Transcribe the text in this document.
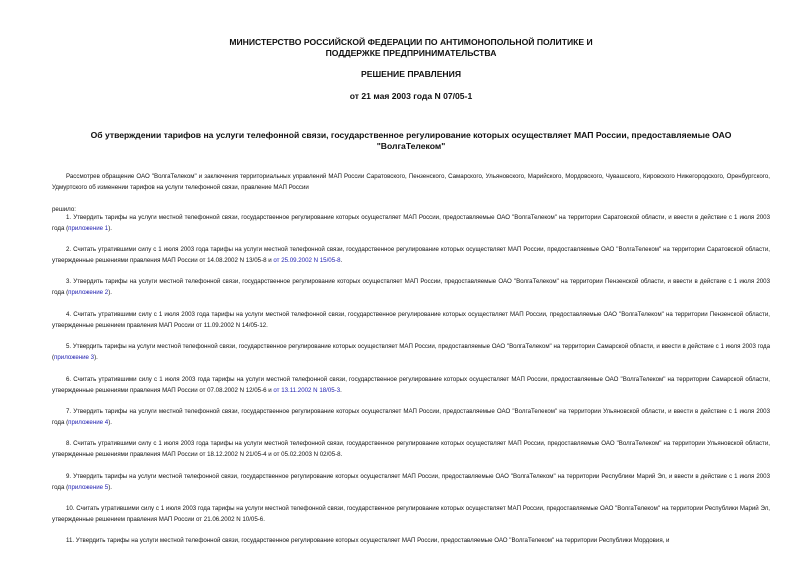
МИНИСТЕРСТВО РОССИЙСКОЙ ФЕДЕРАЦИИ ПО АНТИМОНОПОЛЬНОЙ ПОЛИТИКЕ И
ПОДДЕРЖКЕ ПРЕДПРИНИМАТЕЛЬСТВА
РЕШЕНИЕ ПРАВЛЕНИЯ
от 21 мая 2003 года N 07/05-1
Об утверждении тарифов на услуги телефонной связи, государственное регулирование которых осуществляет МАП России, предоставляемые ОАО
"ВолгаТелеком"

Рассмотрев обращение ОАО "ВолгаТелеком" и заключения территориальных управлений МАП России Саратовского, Пензенского, Самарского, Ульяновского, Марийского, Мордовского, Чувашского, Кировского Нижегородского, Оренбургского, Удмуртского об изменении тарифов на услуги телефонной связи, правление МАП России

решило:

1. Утвердить тарифы на услуги местной телефонной связи, государственное регулирование которых осуществляет МАП России, предоставляемые ОАО "ВолгаТелеком" на территории Саратовской области, и ввести в действие с 1 июля 2003 года (приложение 1).

2. Считать утратившими силу с 1 июля 2003 года тарифы на услуги местной телефонной связи, государственное регулирование которых осуществляет МАП России, предоставляемые ОАО "ВолгаТелеком" на территории Саратовской области, утвержденные решениями правления МАП России от 14.08.2002 N 13/05-8 и от 25.09.2002 N 15/05-8.

3. Утвердить тарифы на услуги местной телефонной связи, государственное регулирование которых осуществляет МАП России, предоставляемые ОАО "ВолгаТелеком" на территории Пензенской области, и ввести в действие с 1 июля 2003 года (приложение 2).

4. Считать утратившими силу с 1 июля 2003 года тарифы на услуги местной телефонной связи, государственное регулирование которых осуществляет МАП России, предоставляемые ОАО "ВолгаТелеком" на территории Пензенской области, утвержденные решением правления МАП России от 11.09.2002 N 14/05-12.

5. Утвердить тарифы на услуги местной телефонной связи, государственное регулирование которых осуществляет МАП России, предоставляемые ОАО "ВолгаТелеком" на территории Самарской области, и ввести в действие с 1 июля 2003 года (приложение 3).

6. Считать утратившими силу с 1 июля 2003 года тарифы на услуги местной телефонной связи, государственное регулирование которых осуществляет МАП России, предоставляемые ОАО "ВолгаТелеком" на территории Самарской области, утвержденные решениями правления МАП России от 07.08.2002 N 12/05-6 и от 13.11.2002 N 18/05-3.

7. Утвердить тарифы на услуги местной телефонной связи, государственное регулирование которых осуществляет МАП России, предоставляемые ОАО "ВолгаТелеком" на территории Ульяновской области, и ввести в действие с 1 июля 2003 года (приложение 4).

8. Считать утратившими силу с 1 июля 2003 года тарифы на услуги местной телефонной связи, государственное регулирование которых осуществляет МАП России, предоставляемые ОАО "ВолгаТелеком" на территории Ульяновской области, утвержденные решениями правления МАП России от 18.12.2002 N 21/05-4 и от 05.02.2003 N 02/05-8.

9. Утвердить тарифы на услуги местной телефонной связи, государственное регулирование которых осуществляет МАП России, предоставляемые ОАО "ВолгаТелеком" на территории Республики Марий Эл, и ввести в действие с 1 июля 2003 года (приложение 5).

10. Считать утратившими силу с 1 июля 2003 года тарифы на услуги местной телефонной связи, государственное регулирование которых осуществляет МАП России, предоставляемые ОАО "ВолгаТелеком" на территории Республики Марий Эл, утвержденные решением правления МАП России от 21.06.2002 N 10/05-6.

11. Утвердить тарифы на услуги местной телефонной связи, государственное регулирование которых осуществляет МАП России, предоставляемые ОАО "ВолгаТелеком" на территории Республики Мордовия, и
